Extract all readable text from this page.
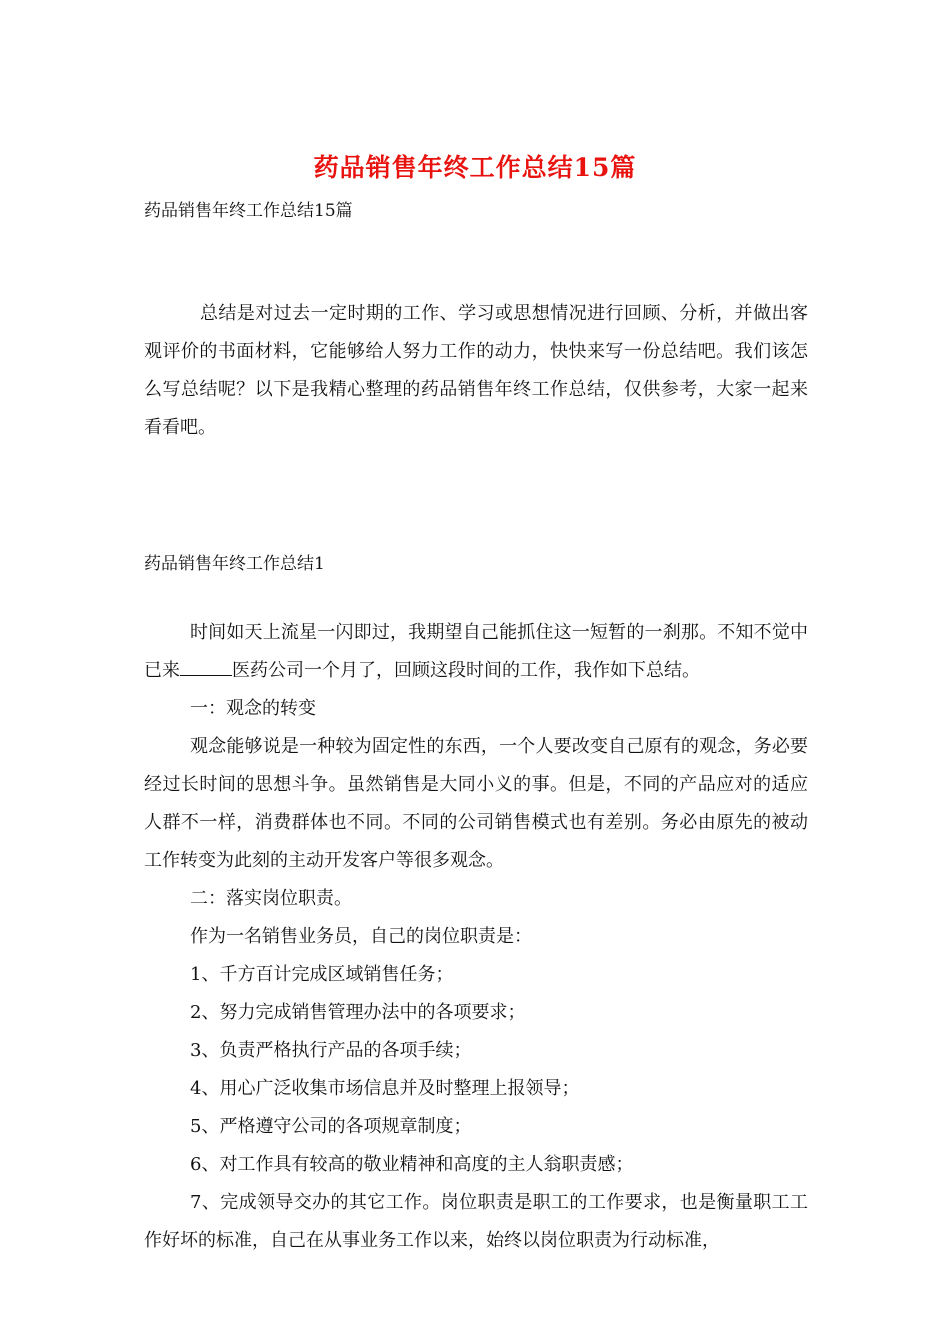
药品销售年终工作总结15篇
药品销售年终工作总结15篇

总结是对过去一定时期的工作、学习或思想情况进行回顾、分析，并做出客观评价的书面材料，它能够给人努力工作的动力，快快来写一份总结吧。我们该怎么写总结呢？以下是我精心整理的药品销售年终工作总结，仅供参考，大家一起来看看吧。

药品销售年终工作总结1

时间如天上流星一闪即过，我期望自己能抓住这一短暂的一刹那。不知不觉中已来	医药公司一个月了，回顾这段时间的工作，我作如下总结。

一：观念的转变

观念能够说是一种较为固定性的东西，一个人要改变自己原有的观念，务必要经过长时间的思想斗争。虽然销售是大同小义的事。但是，不同的产品应对的适应人群不一样，消费群体也不同。不同的公司销售模式也有差别。务必由原先的被动工作转变为此刻的主动开发客户等很多观念。

二：落实岗位职责。

作为一名销售业务员，自己的岗位职责是：

1、千方百计完成区域销售任务；

2、努力完成销售管理办法中的各项要求；

3、负责严格执行产品的各项手续；

4、用心广泛收集市场信息并及时整理上报领导；

5、严格遵守公司的各项规章制度；

6、对工作具有较高的敬业精神和高度的主人翁职责感；

7、完成领导交办的其它工作。岗位职责是职工的工作要求，也是衡量职工工作好坏的标准，自己在从事业务工作以来，始终以岗位职责为行动标准，
